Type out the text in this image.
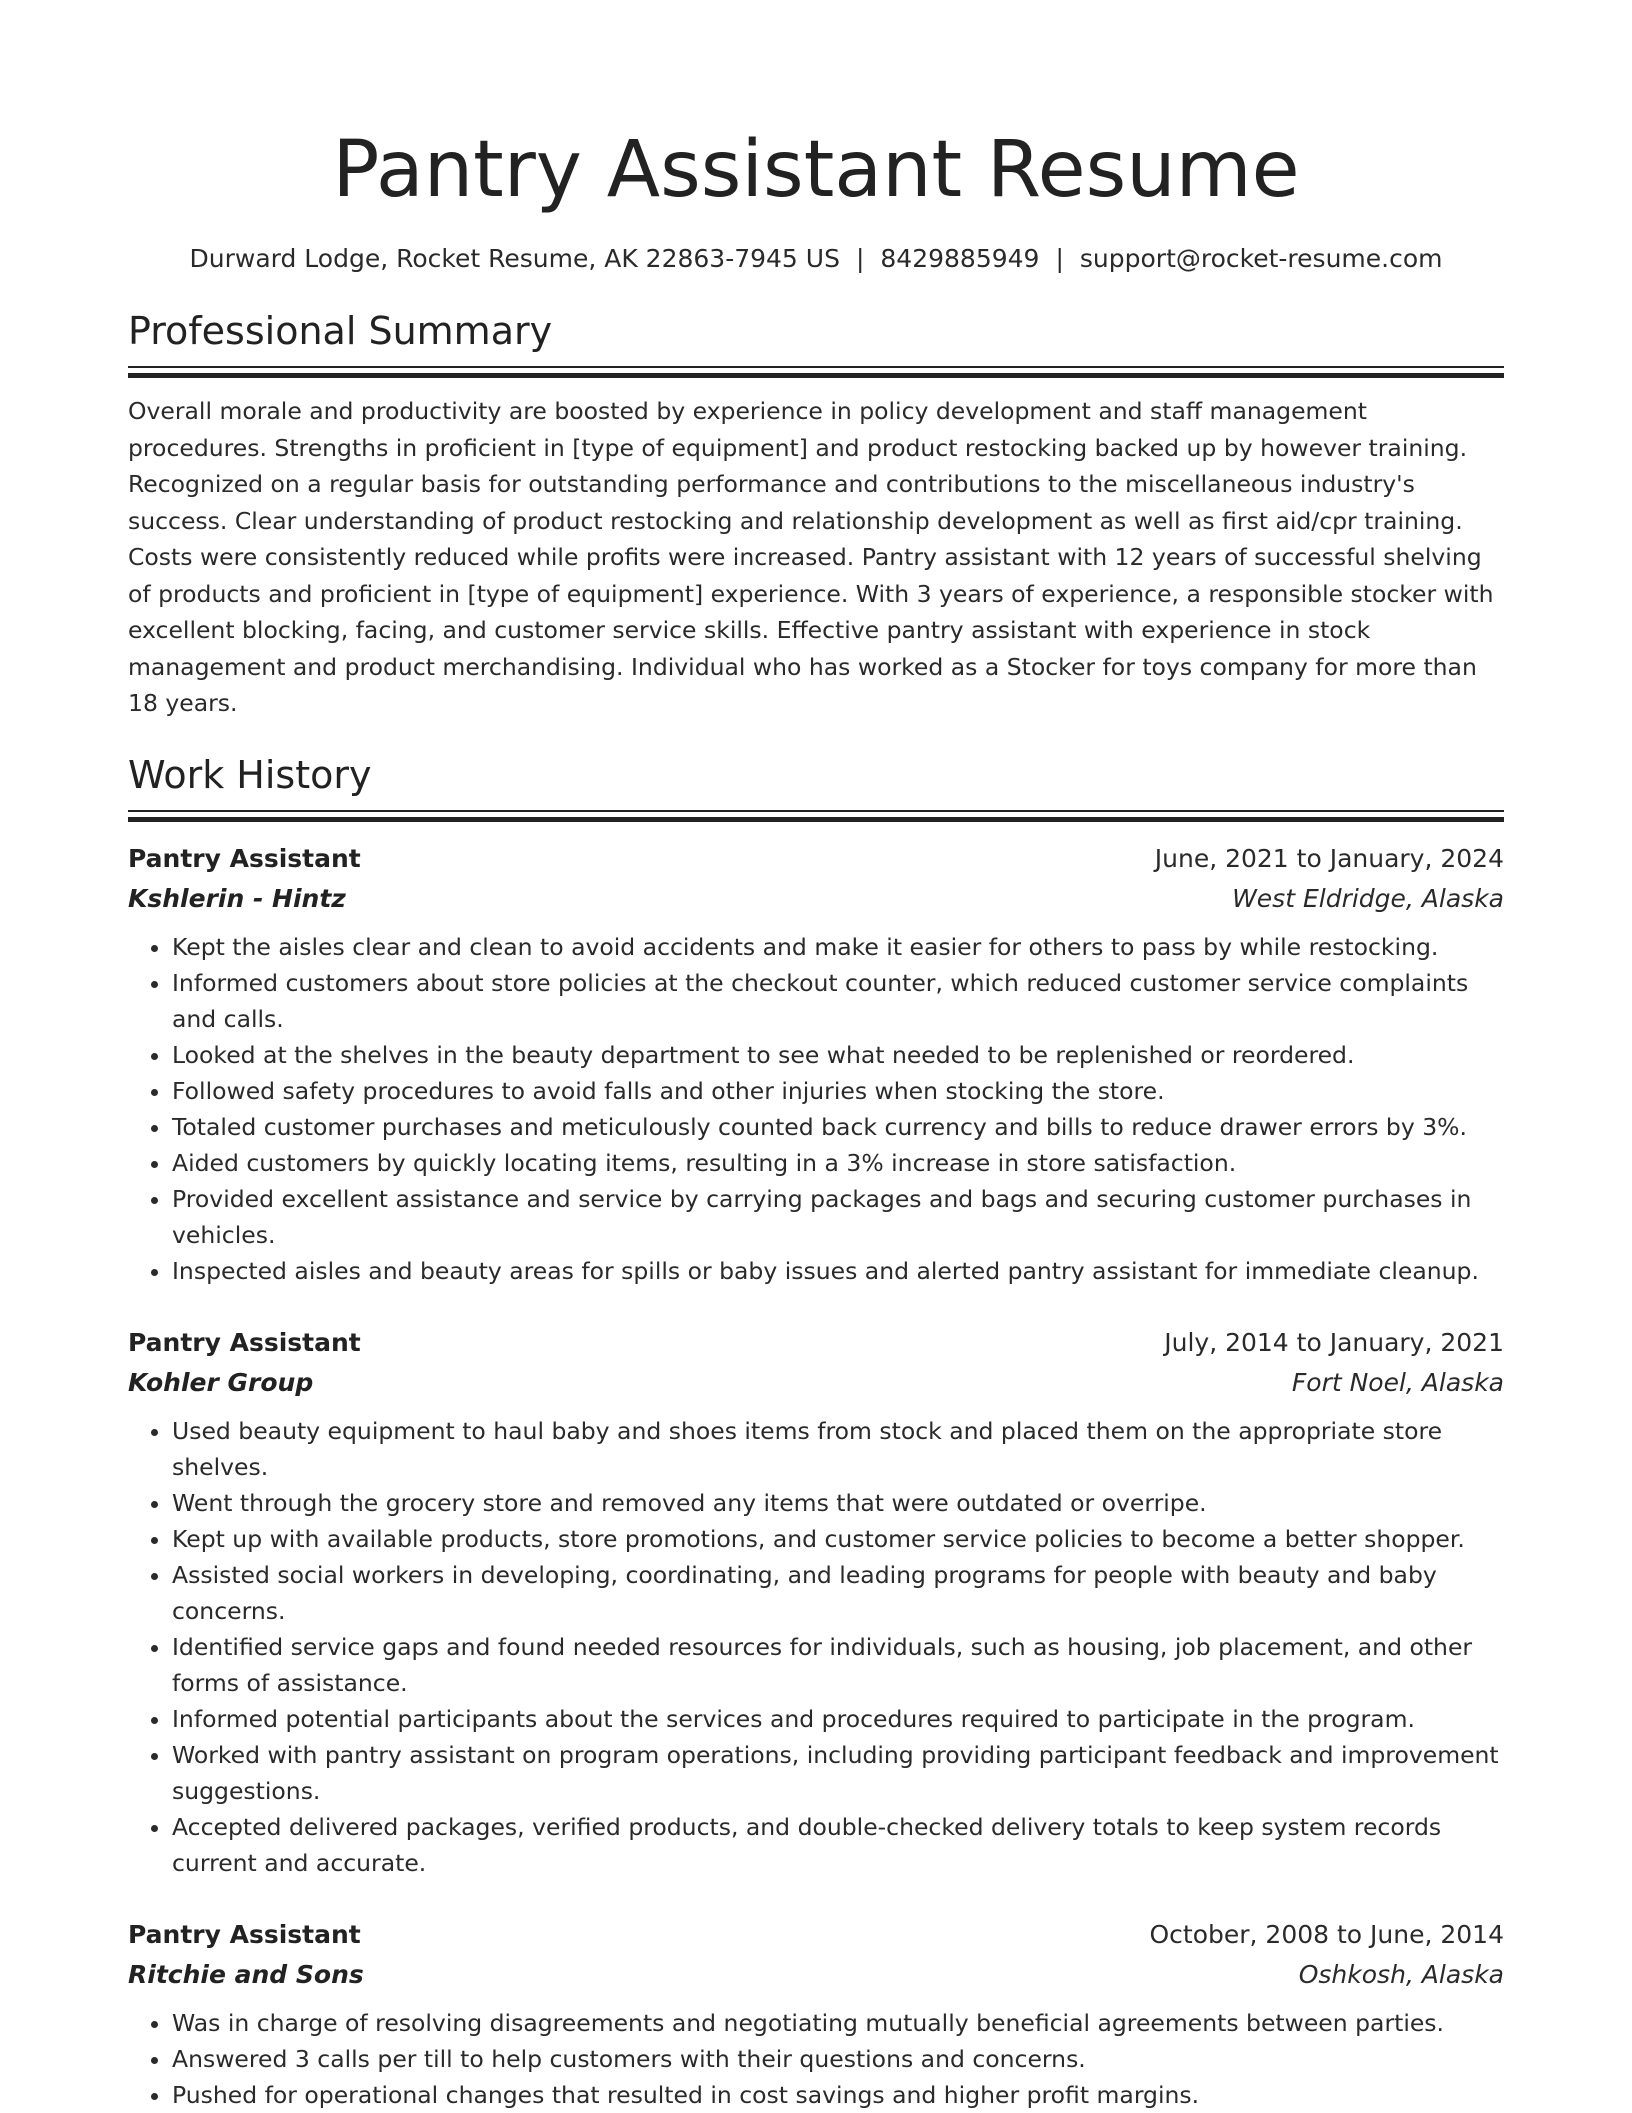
Pantry Assistant Resume
Durward Lodge, Rocket Resume, AK 22863-7945 US | 8429885949 | support@rocket-resume.com
Professional Summary

Overall morale and productivity are boosted by experience in policy development and staff management procedures. Strengths in proficient in [type of equipment] and product restocking backed up by however training. Recognized on a regular basis for outstanding performance and contributions to the miscellaneous industry's success. Clear understanding of product restocking and relationship development as well as first aid/cpr training. Costs were consistently reduced while profits were increased. Pantry assistant with 12 years of successful shelving of products and proficient in [type of equipment] experience. With 3 years of experience, a responsible stocker with excellent blocking, facing, and customer service skills. Effective pantry assistant with experience in stock management and product merchandising. Individual who has worked as a Stocker for toys company for more than 18 years.

Work History
Pantry Assistant	June, 2021 to January, 2024
Kshlerin - Hintz	West Eldridge, Alaska
• Kept the aisles clear and clean to avoid accidents and make it easier for others to pass by while restocking.
• Informed customers about store policies at the checkout counter, which reduced customer service complaints and calls.
• Looked at the shelves in the beauty department to see what needed to be replenished or reordered.
• Followed safety procedures to avoid falls and other injuries when stocking the store.
• Totaled customer purchases and meticulously counted back currency and bills to reduce drawer errors by 3%.
• Aided customers by quickly locating items, resulting in a 3% increase in store satisfaction.
• Provided excellent assistance and service by carrying packages and bags and securing customer purchases in vehicles.
• Inspected aisles and beauty areas for spills or baby issues and alerted pantry assistant for immediate cleanup.
Pantry Assistant	July, 2014 to January, 2021
Kohler Group	Fort Noel, Alaska
• Used beauty equipment to haul baby and shoes items from stock and placed them on the appropriate store shelves.
• Went through the grocery store and removed any items that were outdated or overripe.
• Kept up with available products, store promotions, and customer service policies to become a better shopper.
• Assisted social workers in developing, coordinating, and leading programs for people with beauty and baby concerns.
• Identified service gaps and found needed resources for individuals, such as housing, job placement, and other forms of assistance.
• Informed potential participants about the services and procedures required to participate in the program.
• Worked with pantry assistant on program operations, including providing participant feedback and improvement suggestions.
• Accepted delivered packages, verified products, and double-checked delivery totals to keep system records current and accurate.
Pantry Assistant	October, 2008 to June, 2014
Ritchie and Sons	Oshkosh, Alaska
• Was in charge of resolving disagreements and negotiating mutually beneficial agreements between parties.
• Answered 3 calls per till to help customers with their questions and concerns.
• Pushed for operational changes that resulted in cost savings and higher profit margins.
